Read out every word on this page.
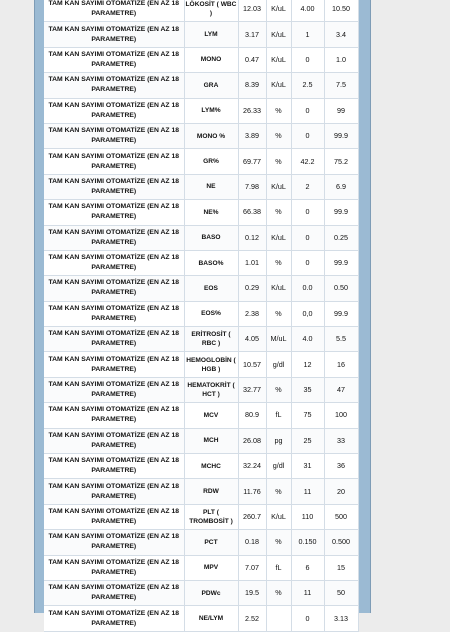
TAM KAN SAYIMI OTOMATİZE (EN AZ 18 PARAMETRE)	LÖKOSİT ( WBC )	12.03	K/uL	4.00	10.50
TAM KAN SAYIMI OTOMATİZE (EN AZ 18 PARAMETRE)	LYM	3.17	K/uL	1	3.4
TAM KAN SAYIMI OTOMATİZE (EN AZ 18 PARAMETRE)	MONO	0.47	K/uL	0	1.0
TAM KAN SAYIMI OTOMATİZE (EN AZ 18 PARAMETRE)	GRA	8.39	K/uL	2.5	7.5
TAM KAN SAYIMI OTOMATİZE (EN AZ 18 PARAMETRE)	LYM%	26.33	%	0	99
TAM KAN SAYIMI OTOMATİZE (EN AZ 18 PARAMETRE)	MONO %	3.89	%	0	99.9
TAM KAN SAYIMI OTOMATİZE (EN AZ 18 PARAMETRE)	GR%	69.77	%	42.2	75.2
TAM KAN SAYIMI OTOMATİZE (EN AZ 18 PARAMETRE)	NE	7.98	K/uL	2	6.9
TAM KAN SAYIMI OTOMATİZE (EN AZ 18 PARAMETRE)	NE%	66.38	%	0	99.9
TAM KAN SAYIMI OTOMATİZE (EN AZ 18 PARAMETRE)	BASO	0.12	K/uL	0	0.25
TAM KAN SAYIMI OTOMATİZE (EN AZ 18 PARAMETRE)	BASO%	1.01	%	0	99.9
TAM KAN SAYIMI OTOMATİZE (EN AZ 18 PARAMETRE)	EOS	0.29	K/uL	0.0	0.50
TAM KAN SAYIMI OTOMATİZE (EN AZ 18 PARAMETRE)	EOS%	2.38	%	0,0	99.9
TAM KAN SAYIMI OTOMATİZE (EN AZ 18 PARAMETRE)	ERİTROSİT ( RBC )	4.05	M/uL	4.0	5.5
TAM KAN SAYIMI OTOMATİZE (EN AZ 18 PARAMETRE)	HEMOGLOBİN ( HGB )	10.57	g/dl	12	16
TAM KAN SAYIMI OTOMATİZE (EN AZ 18 PARAMETRE)	HEMATOKRİT ( HCT )	32.77	%	35	47
TAM KAN SAYIMI OTOMATİZE (EN AZ 18 PARAMETRE)	MCV	80.9	fL	75	100
TAM KAN SAYIMI OTOMATİZE (EN AZ 18 PARAMETRE)	MCH	26.08	pg	25	33
TAM KAN SAYIMI OTOMATİZE (EN AZ 18 PARAMETRE)	MCHC	32.24	g/dl	31	36
TAM KAN SAYIMI OTOMATİZE (EN AZ 18 PARAMETRE)	RDW	11.76	%	11	20
TAM KAN SAYIMI OTOMATİZE (EN AZ 18 PARAMETRE)	PLT ( TROMBOSİT )	260.7	K/uL	110	500
TAM KAN SAYIMI OTOMATİZE (EN AZ 18 PARAMETRE)	PCT	0.18	%	0.150	0.500
TAM KAN SAYIMI OTOMATİZE (EN AZ 18 PARAMETRE)	MPV	7.07	fL	6	15
TAM KAN SAYIMI OTOMATİZE (EN AZ 18 PARAMETRE)	PDWc	19.5	%	11	50
TAM KAN SAYIMI OTOMATİZE (EN AZ 18 PARAMETRE)	NE/LYM	2.52		0	3.13
